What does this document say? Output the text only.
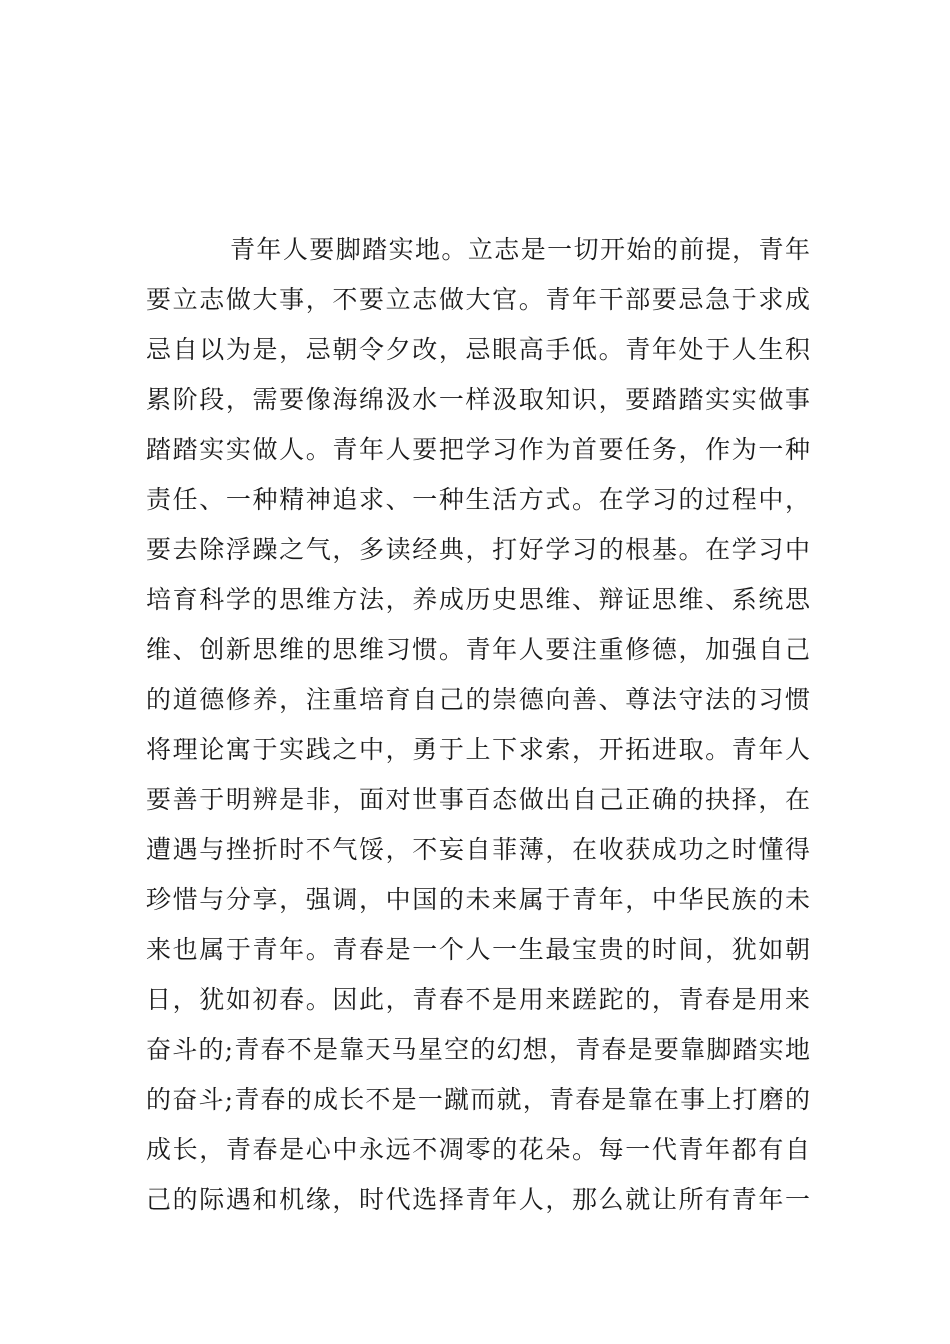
青年人要脚踏实地。立志是一切开始的前提，青年
要立志做大事，不要立志做大官。青年干部要忌急于求成
忌自以为是，忌朝令夕改，忌眼高手低。青年处于人生积
累阶段，需要像海绵汲水一样汲取知识，要踏踏实实做事
踏踏实实做人。青年人要把学习作为首要任务，作为一种
责任、一种精神追求、一种生活方式。在学习的过程中，
要去除浮躁之气，多读经典，打好学习的根基。在学习中
培育科学的思维方法，养成历史思维、辩证思维、系统思
维、创新思维的思维习惯。青年人要注重修德，加强自己
的道德修养，注重培育自己的崇德向善、尊法守法的习惯
将理论寓于实践之中，勇于上下求索，开拓进取。青年人
要善于明辨是非，面对世事百态做出自己正确的抉择，在
遭遇与挫折时不气馁，不妄自菲薄，在收获成功之时懂得
珍惜与分享，强调，中国的未来属于青年，中华民族的未
来也属于青年。青春是一个人一生最宝贵的时间，犹如朝
日，犹如初春。因此，青春不是用来蹉跎的，青春是用来
奋斗的;青春不是靠天马星空的幻想，青春是要靠脚踏实地
的奋斗;青春的成长不是一蹴而就，青春是靠在事上打磨的
成长，青春是心中永远不凋零的花朵。每一代青年都有自
己的际遇和机缘，时代选择青年人，那么就让所有青年一
